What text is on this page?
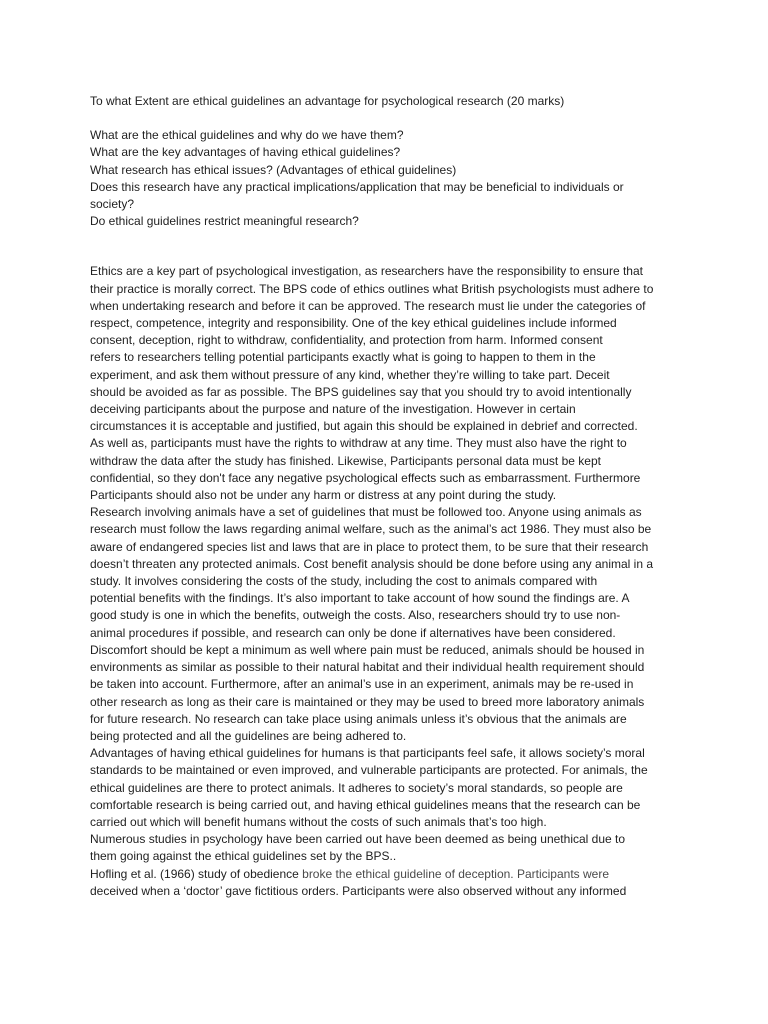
To what Extent are ethical guidelines an advantage for psychological research (20 marks)
What are the ethical guidelines and why do we have them?
What are the key advantages of having ethical guidelines?
What research has ethical issues? (Advantages of ethical guidelines)
Does this research have any practical implications/application that may be beneficial to individuals or
society?
Do ethical guidelines restrict meaningful research?
Ethics are a key part of psychological investigation, as researchers have the responsibility to ensure that
their practice is morally correct. The BPS code of ethics outlines what British psychologists must adhere to
when undertaking research and before it can be approved. The research must lie under the categories of
respect, competence, integrity and responsibility. One of the key ethical guidelines include informed
consent, deception, right to withdraw, confidentiality, and protection from harm. Informed consent
refers to researchers telling potential participants exactly what is going to happen to them in the
experiment, and ask them without pressure of any kind, whether they’re willing to take part. Deceit
should be avoided as far as possible. The BPS guidelines say that you should try to avoid intentionally
deceiving participants about the purpose and nature of the investigation. However in certain
circumstances it is acceptable and justified, but again this should be explained in debrief and corrected.
As well as, participants must have the rights to withdraw at any time. They must also have the right to
withdraw the data after the study has finished. Likewise, Participants personal data must be kept
confidential, so they don't face any negative psychological effects such as embarrassment. Furthermore
Participants should also not be under any harm or distress at any point during the study.
Research involving animals have a set of guidelines that must be followed too. Anyone using animals as
research must follow the laws regarding animal welfare, such as the animal’s act 1986. They must also be
aware of endangered species list and laws that are in place to protect them, to be sure that their research
doesn’t threaten any protected animals. Cost benefit analysis should be done before using any animal in a
study. It involves considering the costs of the study, including the cost to animals compared with
potential benefits with the findings. It’s also important to take account of how sound the findings are. A
good study is one in which the benefits, outweigh the costs. Also, researchers should try to use non-
animal procedures if possible, and research can only be done if alternatives have been considered.
Discomfort should be kept a minimum as well where pain must be reduced, animals should be housed in
environments as similar as possible to their natural habitat and their individual health requirement should
be taken into account. Furthermore, after an animal’s use in an experiment, animals may be re-used in
other research as long as their care is maintained or they may be used to breed more laboratory animals
for future research. No research can take place using animals unless it’s obvious that the animals are
being protected and all the guidelines are being adhered to.
Advantages of having ethical guidelines for humans is that participants feel safe, it allows society’s moral
standards to be maintained or even improved, and vulnerable participants are protected. For animals, the
ethical guidelines are there to protect animals. It adheres to society’s moral standards, so people are
comfortable research is being carried out, and having ethical guidelines means that the research can be
carried out which will benefit humans without the costs of such animals that’s too high.
Numerous studies in psychology have been carried out have been deemed as being unethical due to
them going against the ethical guidelines set by the BPS..
Hofling et al. (1966) study of obedience broke the ethical guideline of deception. Participants were
deceived when a ‘doctor’ gave fictitious orders. Participants were also observed without any informed
